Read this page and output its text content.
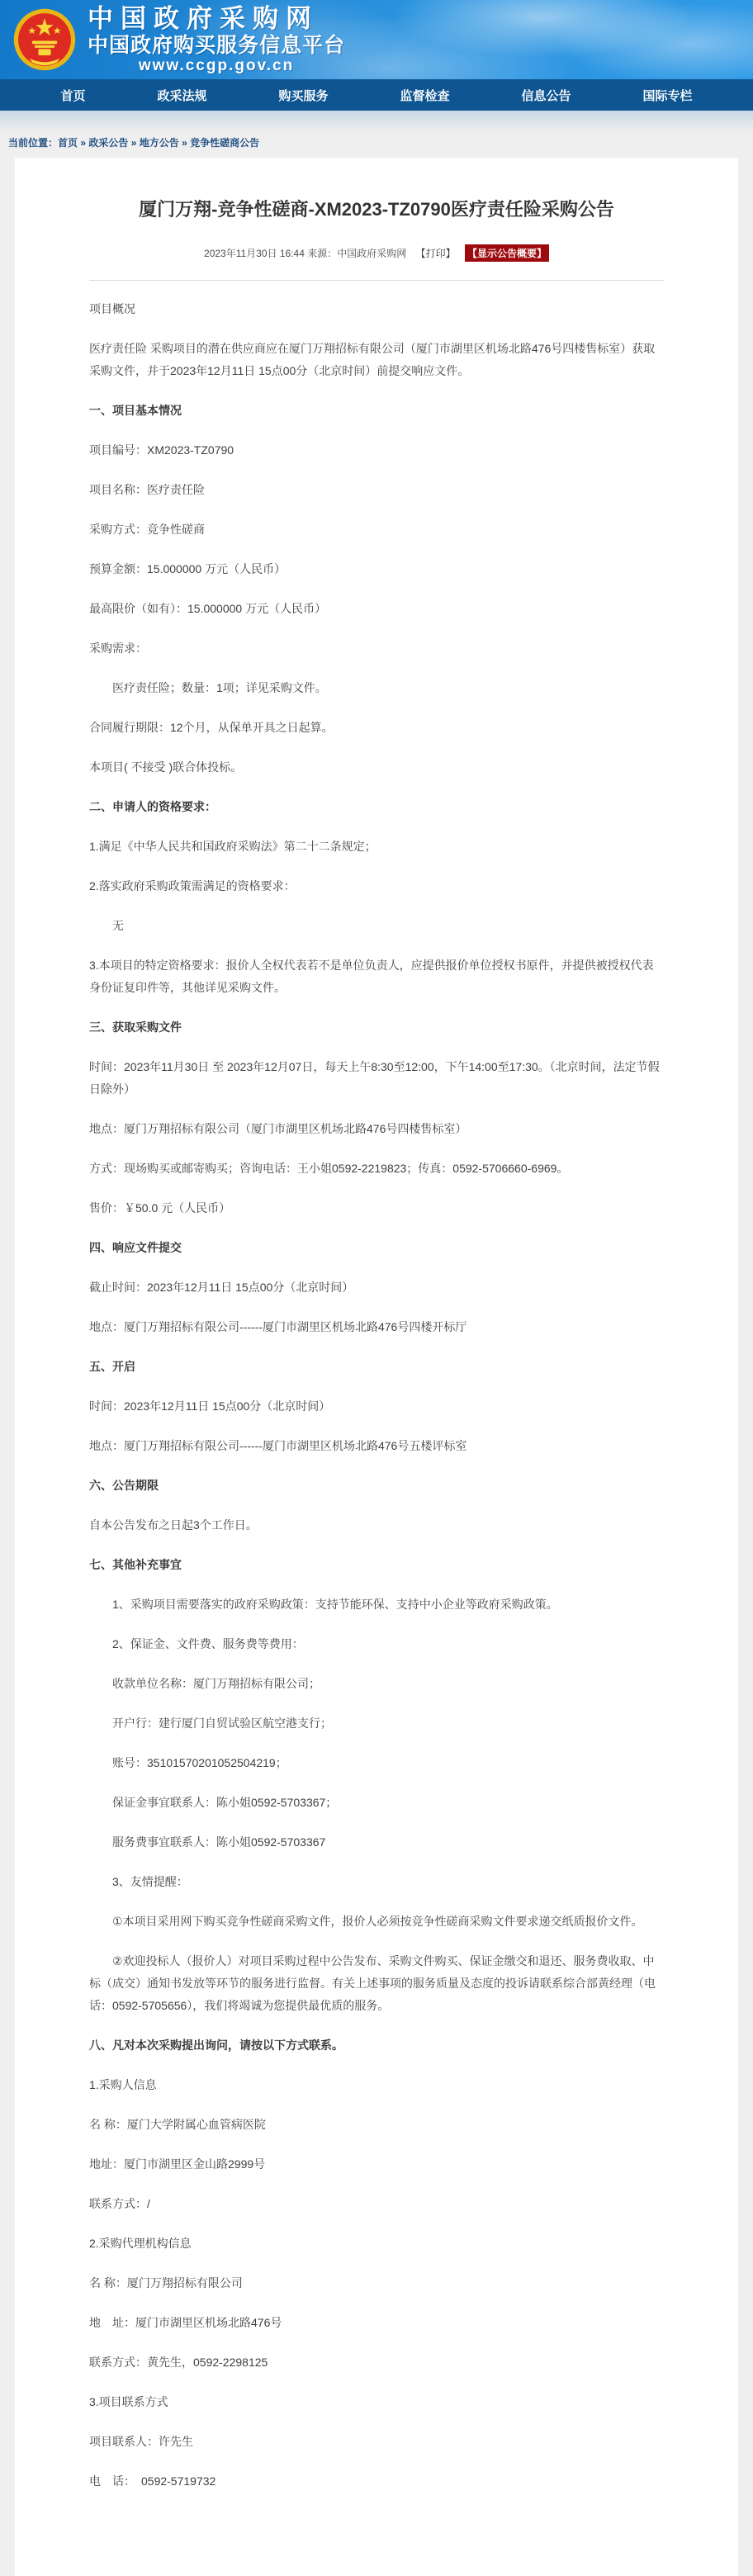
中国政府采购网
中国政府购买服务信息平台
www.ccgp.gov.cn
首页	政采法规	购买服务	监督检查	信息公告	国际专栏
当前位置：首页 » 政采公告 » 地方公告 » 竞争性磋商公告
厦门万翔-竞争性磋商-XM2023-TZ0790医疗责任险采购公告
2023年11月30日 16:44 来源：中国政府采购网 【打印】 【显示公告概要】

项目概况

医疗责任险 采购项目的潜在供应商应在厦门万翔招标有限公司（厦门市湖里区机场北路476号四楼售标室）获取采购文件，并于2023年12月11日 15点00分（北京时间）前提交响应文件。

一、项目基本情况

项目编号：XM2023-TZ0790

项目名称：医疗责任险

采购方式：竞争性磋商

预算金额：15.000000 万元（人民币）

最高限价（如有）：15.000000 万元（人民币）

采购需求：

医疗责任险；数量：1项；详见采购文件。

合同履行期限：12个月，从保单开具之日起算。

本项目( 不接受 )联合体投标。

二、申请人的资格要求：

1.满足《中华人民共和国政府采购法》第二十二条规定；

2.落实政府采购政策需满足的资格要求：

无

3.本项目的特定资格要求：报价人全权代表若不是单位负责人，应提供报价单位授权书原件，并提供被授权代表身份证复印件等，其他详见采购文件。

三、获取采购文件

时间：2023年11月30日 至 2023年12月07日，每天上午8:30至12:00，下午14:00至17:30。（北京时间，法定节假日除外）

地点：厦门万翔招标有限公司（厦门市湖里区机场北路476号四楼售标室）

方式：现场购买或邮寄购买；咨询电话：王小姐0592-2219823；传真：0592-5706660-6969。

售价：￥50.0 元（人民币）

四、响应文件提交

截止时间：2023年12月11日 15点00分（北京时间）

地点：厦门万翔招标有限公司------厦门市湖里区机场北路476号四楼开标厅

五、开启

时间：2023年12月11日 15点00分（北京时间）

地点：厦门万翔招标有限公司------厦门市湖里区机场北路476号五楼评标室

六、公告期限

自本公告发布之日起3个工作日。

七、其他补充事宜

1、采购项目需要落实的政府采购政策：支持节能环保、支持中小企业等政府采购政策。

2、保证金、文件费、服务费等费用：

收款单位名称：厦门万翔招标有限公司；

开户行：建行厦门自贸试验区航空港支行；

账号：35101570201052504219；

保证金事宜联系人：陈小姐0592-5703367；

服务费事宜联系人：陈小姐0592-5703367

3、友情提醒：

①本项目采用网下购买竞争性磋商采购文件，报价人必须按竞争性磋商采购文件要求递交纸质报价文件。

②欢迎投标人（报价人）对项目采购过程中公告发布、采购文件购买、保证金缴交和退还、服务费收取、中标（成交）通知书发放等环节的服务进行监督。有关上述事项的服务质量及态度的投诉请联系综合部黄经理（电话：0592-5705656），我们将竭诚为您提供最优质的服务。

八、凡对本次采购提出询问，请按以下方式联系。

1.采购人信息

名 称：厦门大学附属心血管病医院

地址：厦门市湖里区金山路2999号

联系方式：/

2.采购代理机构信息

名 称：厦门万翔招标有限公司

地　址：厦门市湖里区机场北路476号

联系方式：黄先生，0592-2298125

3.项目联系方式

项目联系人：许先生

电　话：　0592-5719732
